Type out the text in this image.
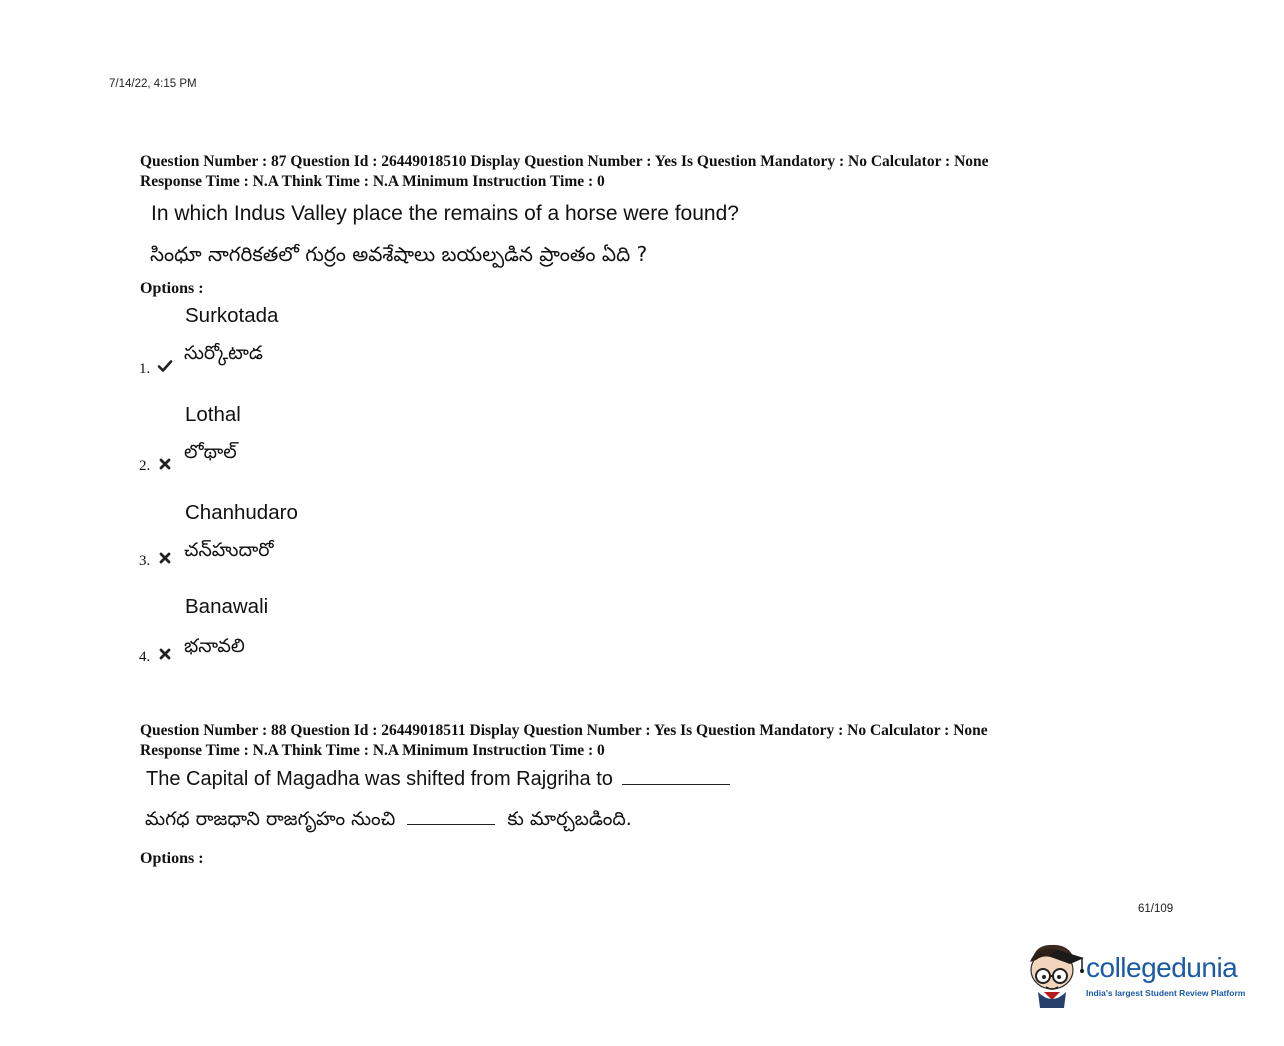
7/14/22, 4:15 PM
Question Number : 87 Question Id : 26449018510 Display Question Number : Yes Is Question Mandatory : No Calculator : None
Response Time : N.A Think Time : N.A Minimum Instruction Time : 0
In which Indus Valley place the remains of a horse were found?
సింధూ నాగరికతలో గుర్రం అవశేషాలు బయల్పడిన ప్రాంతం ఏది ?
Options :
Surkotada
సుర్కోటాడ
1.
Lothal
లోథాల్
2.
Chanhudaro
చన్‌హుదారో
3.
Banawali
భనావలి
4.
Question Number : 88 Question Id : 26449018511 Display Question Number : Yes Is Question Mandatory : No Calculator : None
Response Time : N.A Think Time : N.A Minimum Instruction Time : 0
The Capital of Magadha was shifted from Rajgriha to
మగధ రాజధాని రాజగృహం నుంచి	కు మార్చబడింది.
Options :
61/109
collegedunia
India's largest Student Review Platform
